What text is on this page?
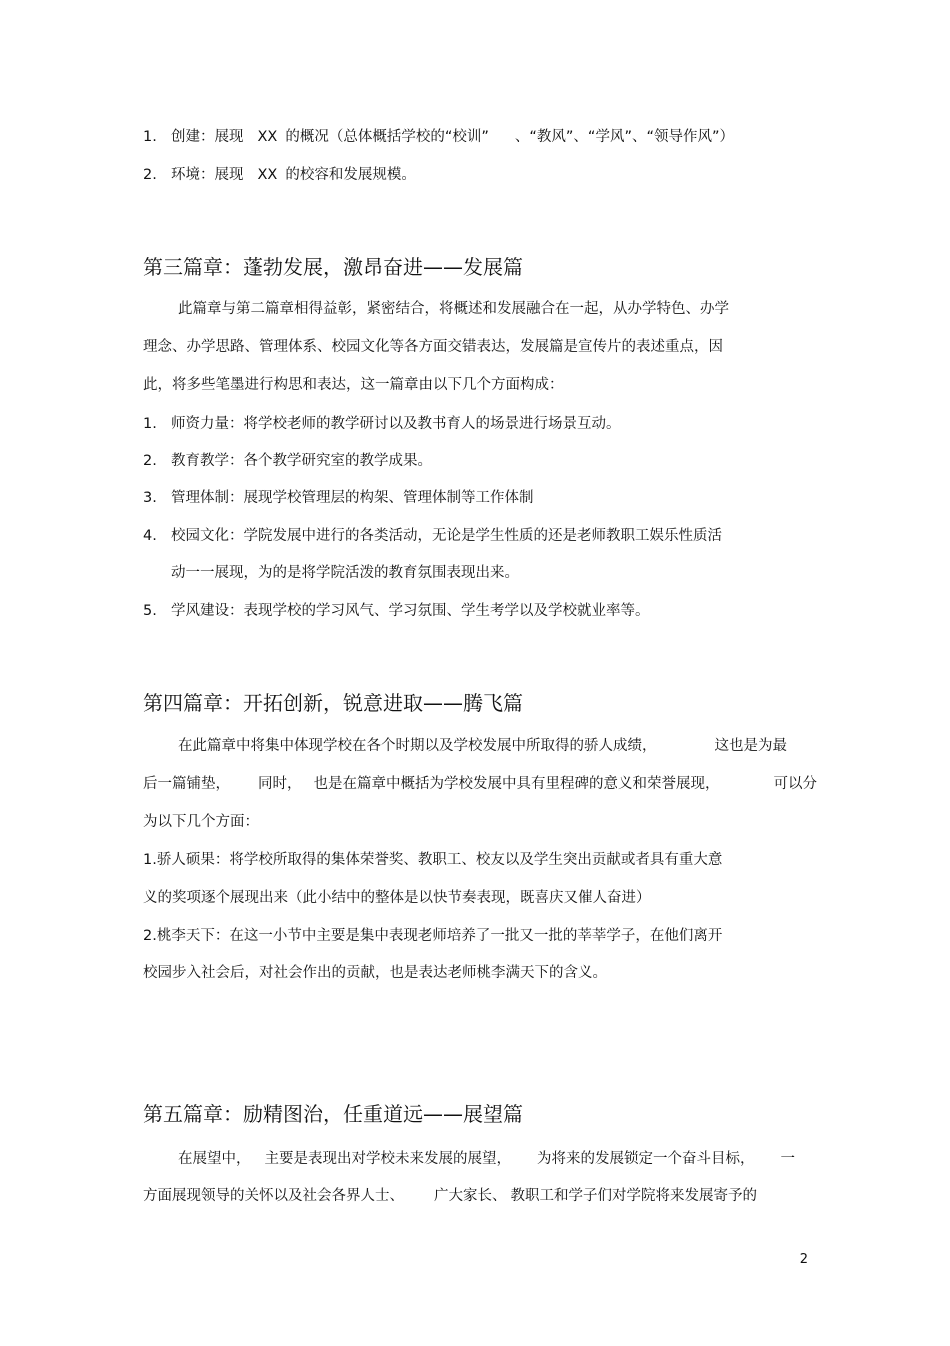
1. 创建：展现 XX 的概况（总体概括学校的“校训” 、“教风”、“学风”、“领导作风”）
2. 环境：展现 XX 的校容和发展规模。
第三篇章：蓬勃发展，激昂奋进——发展篇
此篇章与第二篇章相得益彰，紧密结合，将概述和发展融合在一起，从办学特色、办学
理念、办学思路、管理体系、校园文化等各方面交错表达，发展篇是宣传片的表述重点，因
此，将多些笔墨进行构思和表达，这一篇章由以下几个方面构成：
1. 师资力量：将学校老师的教学研讨以及教书育人的场景进行场景互动。
2. 教育教学：各个教学研究室的教学成果。
3. 管理体制：展现学校管理层的构架、管理体制等工作体制
4. 校园文化：学院发展中进行的各类活动，无论是学生性质的还是老师教职工娱乐性质活
动一一展现，为的是将学院活泼的教育氛围表现出来。
5. 学风建设：表现学校的学习风气、学习氛围、学生考学以及学校就业率等。
第四篇章：开拓创新，锐意进取——腾飞篇
在此篇章中将集中体现学校在各个时期以及学校发展中所取得的骄人成绩，	这也是为最
后一篇铺垫， 同时， 也是在篇章中概括为学校发展中具有里程碑的意义和荣誉展现，	可以分
为以下几个方面：
1.骄人硕果：将学校所取得的集体荣誉奖、教职工、校友以及学生突出贡献或者具有重大意
义的奖项逐个展现出来（此小结中的整体是以快节奏表现，既喜庆又催人奋进）
2.桃李天下：在这一小节中主要是集中表现老师培养了一批又一批的莘莘学子，在他们离开
校园步入社会后，对社会作出的贡献，也是表达老师桃李满天下的含义。
第五篇章：励精图治，任重道远——展望篇
在展望中， 主要是表现出对学校未来发展的展望， 为将来的发展锁定一个奋斗目标， 一
方面展现领导的关怀以及社会各界人士、 广大家长、 教职工和学子们对学院将来发展寄予的
2
